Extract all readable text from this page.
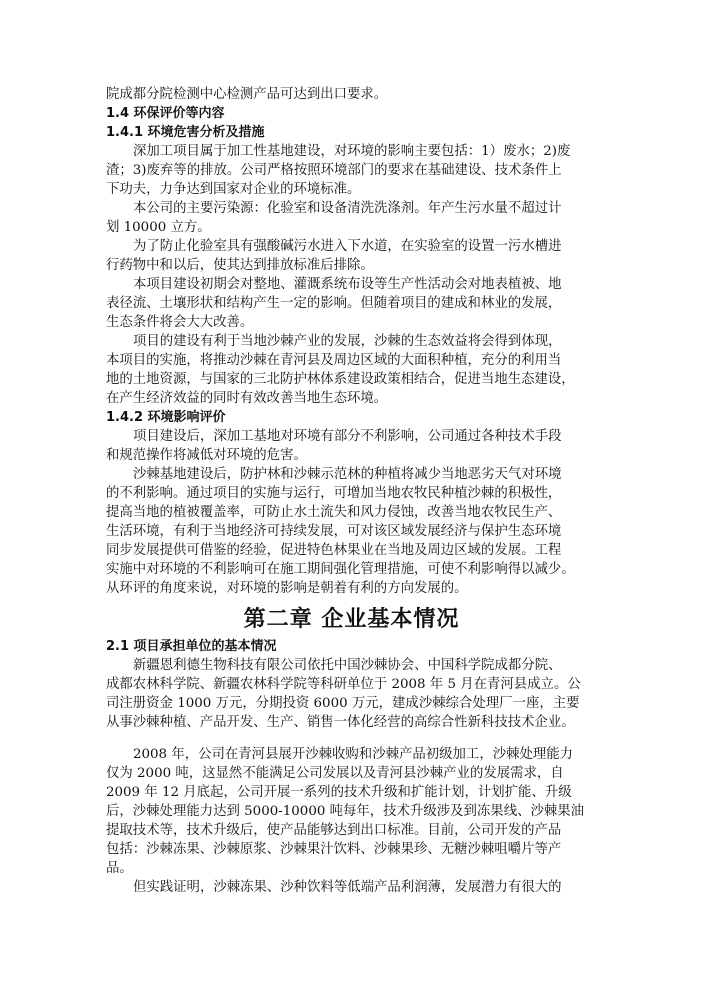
院成都分院检测中心检测产品可达到出口要求。
1.4 环保评价等内容
1.4.1 环境危害分析及措施
深加工项目属于加工性基地建设，对环境的影响主要包括：1）废水；2)废
渣；3)废弃等的排放。公司严格按照环境部门的要求在基础建设、技术条件上
下功夫，力争达到国家对企业的环境标准。
本公司的主要污染源：化验室和设备清洗洗涤剂。年产生污水量不超过计
划 10000 立方。
为了防止化验室具有强酸碱污水进入下水道，在实验室的设置一污水槽进
行药物中和以后，使其达到排放标准后排除。
本项目建设初期会对整地、灌溉系统布设等生产性活动会对地表植被、地
表径流、土壤形状和结构产生一定的影响。但随着项目的建成和林业的发展，
生态条件将会大大改善。
项目的建设有利于当地沙棘产业的发展，沙棘的生态效益将会得到体现，
本项目的实施，将推动沙棘在青河县及周边区域的大面积种植，充分的利用当
地的土地资源，与国家的三北防护林体系建设政策相结合，促进当地生态建设，
在产生经济效益的同时有效改善当地生态环境。
1.4.2 环境影响评价
项目建设后，深加工基地对环境有部分不利影响，公司通过各种技术手段
和规范操作将减低对环境的危害。
沙棘基地建设后，防护林和沙棘示范林的种植将减少当地恶劣天气对环境
的不利影响。通过项目的实施与运行，可增加当地农牧民种植沙棘的积极性，
提高当地的植被覆盖率，可防止水土流失和风力侵蚀，改善当地农牧民生产、
生活环境，有利于当地经济可持续发展，可对该区域发展经济与保护生态环境
同步发展提供可借鉴的经验，促进特色林果业在当地及周边区域的发展。工程
实施中对环境的不利影响可在施工期间强化管理措施，可使不利影响得以减少。
从环评的角度来说，对环境的影响是朝着有利的方向发展的。
第二章 企业基本情况
2.1 项目承担单位的基本情况
新疆恩利德生物科技有限公司依托中国沙棘协会、中国科学院成都分院、
成都农林科学院、新疆农林科学院等科研单位于 2008 年 5 月在青河县成立。公
司注册资金 1000 万元，分期投资 6000 万元，建成沙棘综合处理厂一座，主要
从事沙棘种植、产品开发、生产、销售一体化经营的高综合性新科技技术企业。
2008 年，公司在青河县展开沙棘收购和沙棘产品初级加工，沙棘处理能力
仅为 2000 吨，这显然不能满足公司发展以及青河县沙棘产业的发展需求，自
2009 年 12 月底起，公司开展一系列的技术升级和扩能计划，计划扩能、升级
后，沙棘处理能力达到 5000-10000 吨每年，技术升级涉及到冻果线、沙棘果油
提取技术等，技术升级后，使产品能够达到出口标准。目前，公司开发的产品
包括：沙棘冻果、沙棘原浆、沙棘果汁饮料、沙棘果珍、无糖沙棘咀嚼片等产
品。
但实践证明，沙棘冻果、沙种饮料等低端产品利润薄，发展潜力有很大的
